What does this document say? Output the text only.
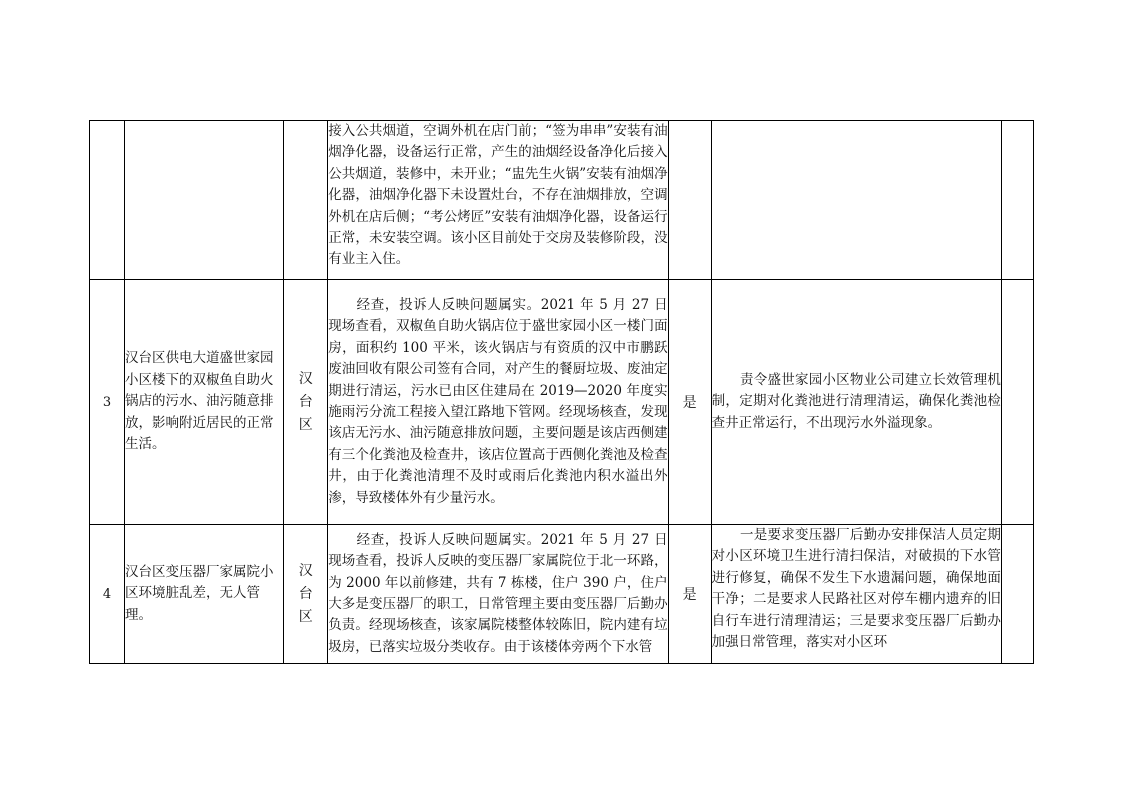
			接入公共烟道，空调外机在店门前；“签为串串”安装有油烟净化器，设备运行正常，产生的油烟经设备净化后接入公共烟道，装修中，未开业；“盅先生火锅”安装有油烟净化器，油烟净化器下未设置灶台，不存在油烟排放，空调外机在店后侧；“考公烤匠”安装有油烟净化器，设备运行正常，未安装空调。该小区目前处于交房及装修阶段，没有业主入住。			
3	汉台区供电大道盛世家园小区楼下的双椒鱼自助火锅店的污水、油污随意排放，影响附近居民的正常生活。	汉台区	经查，投诉人反映问题属实。2021 年 5 月 27 日现场查看，双椒鱼自助火锅店位于盛世家园小区一楼门面房，面积约 100 平米，该火锅店与有资质的汉中市鹏跃废油回收有限公司签有合同，对产生的餐厨垃圾、废油定期进行清运，污水已由区住建局在 2019—2020 年度实施雨污分流工程接入望江路地下管网。经现场核查，发现该店无污水、油污随意排放问题，主要问题是该店西侧建有三个化粪池及检查井，该店位置高于西侧化粪池及检查井，由于化粪池清理不及时或雨后化粪池内积水溢出外渗，导致楼体外有少量污水。	是	责令盛世家园小区物业公司建立长效管理机制，定期对化粪池进行清理清运，确保化粪池检查井正常运行，不出现污水外溢现象。	

4	汉台区变压器厂家属院小区环境脏乱差，无人管理。	汉台区	经查，投诉人反映问题属实。2021 年 5 月 27 日现场查看，投诉人反映的变压器厂家属院位于北一环路，为 2000 年以前修建，共有 7 栋楼，住户 390 户，住户大多是变压器厂的职工，日常管理主要由变压器厂后勤办负责。经现场核查，该家属院楼整体较陈旧，院内建有垃圾房，已落实垃圾分类收存。由于该楼体旁两个下水管	是	一是要求变压器厂后勤办安排保洁人员定期对小区环境卫生进行清扫保洁，对破损的下水管进行修复，确保不发生下水遗漏问题，确保地面干净；二是要求人民路社区对停车棚内遗弃的旧自行车进行清理清运；三是要求变压器厂后勤办加强日常管理，落实对小区环	
